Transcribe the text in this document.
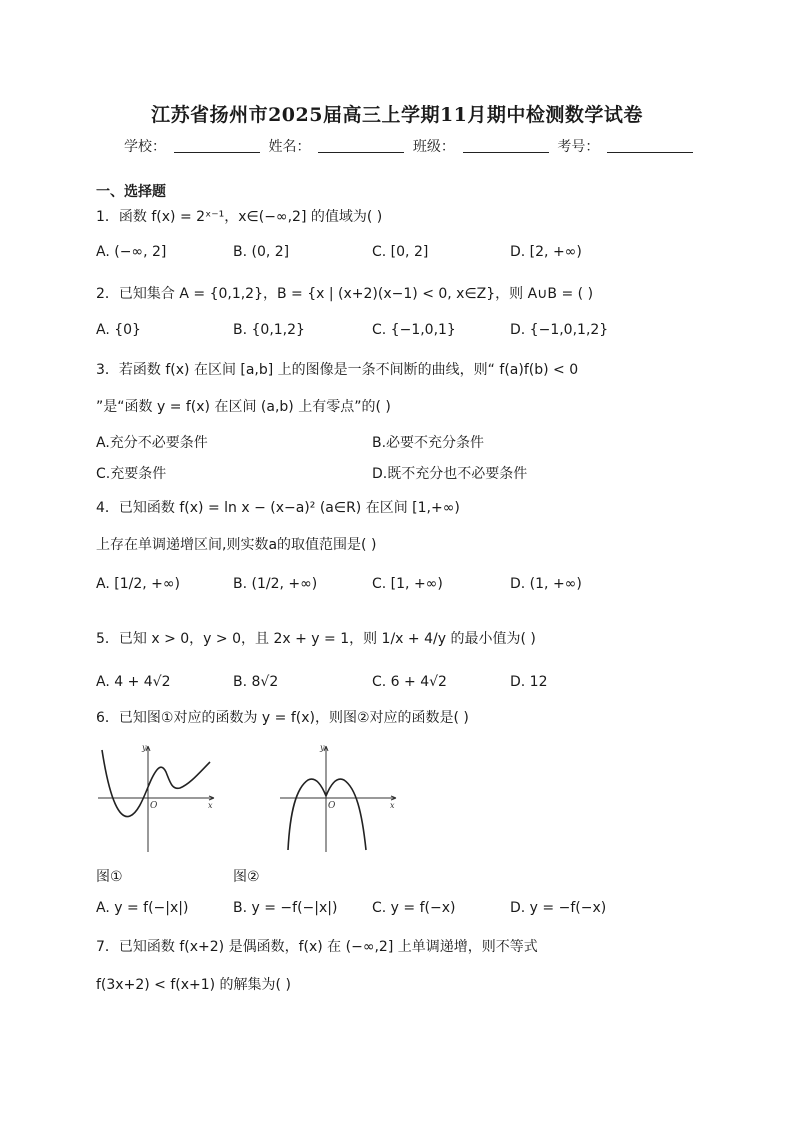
江苏省扬州市2025届高三上学期11月期中检测数学试卷
学校：	姓名：	班级：	考号：
一、选择题
1．函数 f(x) = 2ˣ⁻¹，x∈(−∞,2] 的值域为( )
A. (−∞, 2]	B. (0, 2]	C. [0, 2]	D. [2, +∞)
2．已知集合 A = {0,1,2}，B = {x | (x+2)(x−1) < 0, x∈Z}，则 A∪B = ( )
A. {0}	B. {0,1,2}	C. {−1,0,1}	D. {−1,0,1,2}
3．若函数 f(x) 在区间 [a,b] 上的图像是一条不间断的曲线，则“ f(a)f(b) < 0
”是“函数 y = f(x) 在区间 (a,b) 上有零点”的( )
A.充分不必要条件	B.必要不充分条件
C.充要条件	D.既不充分也不必要条件
4．已知函数 f(x) = ln x − (x−a)² (a∈R) 在区间 [1,+∞)
上存在单调递增区间,则实数a的取值范围是( )
A. [1/2, +∞)	B. (1/2, +∞)	C. [1, +∞)	D. (1, +∞)
5．已知 x > 0，y > 0，且 2x + y = 1，则 1/x + 4/y 的最小值为( )
A. 4 + 4√2	B. 8√2	C. 6 + 4√2	D. 12
6．已知图①对应的函数为 y = f(x)，则图②对应的函数是( )
y
x
O
y
x
O
图①	图②
A. y = f(−|x|)	B. y = −f(−|x|) C. y = f(−x)	D. y = −f(−x)
7．已知函数 f(x+2) 是偶函数，f(x) 在 (−∞,2] 上单调递增，则不等式
f(3x+2) < f(x+1) 的解集为( )
